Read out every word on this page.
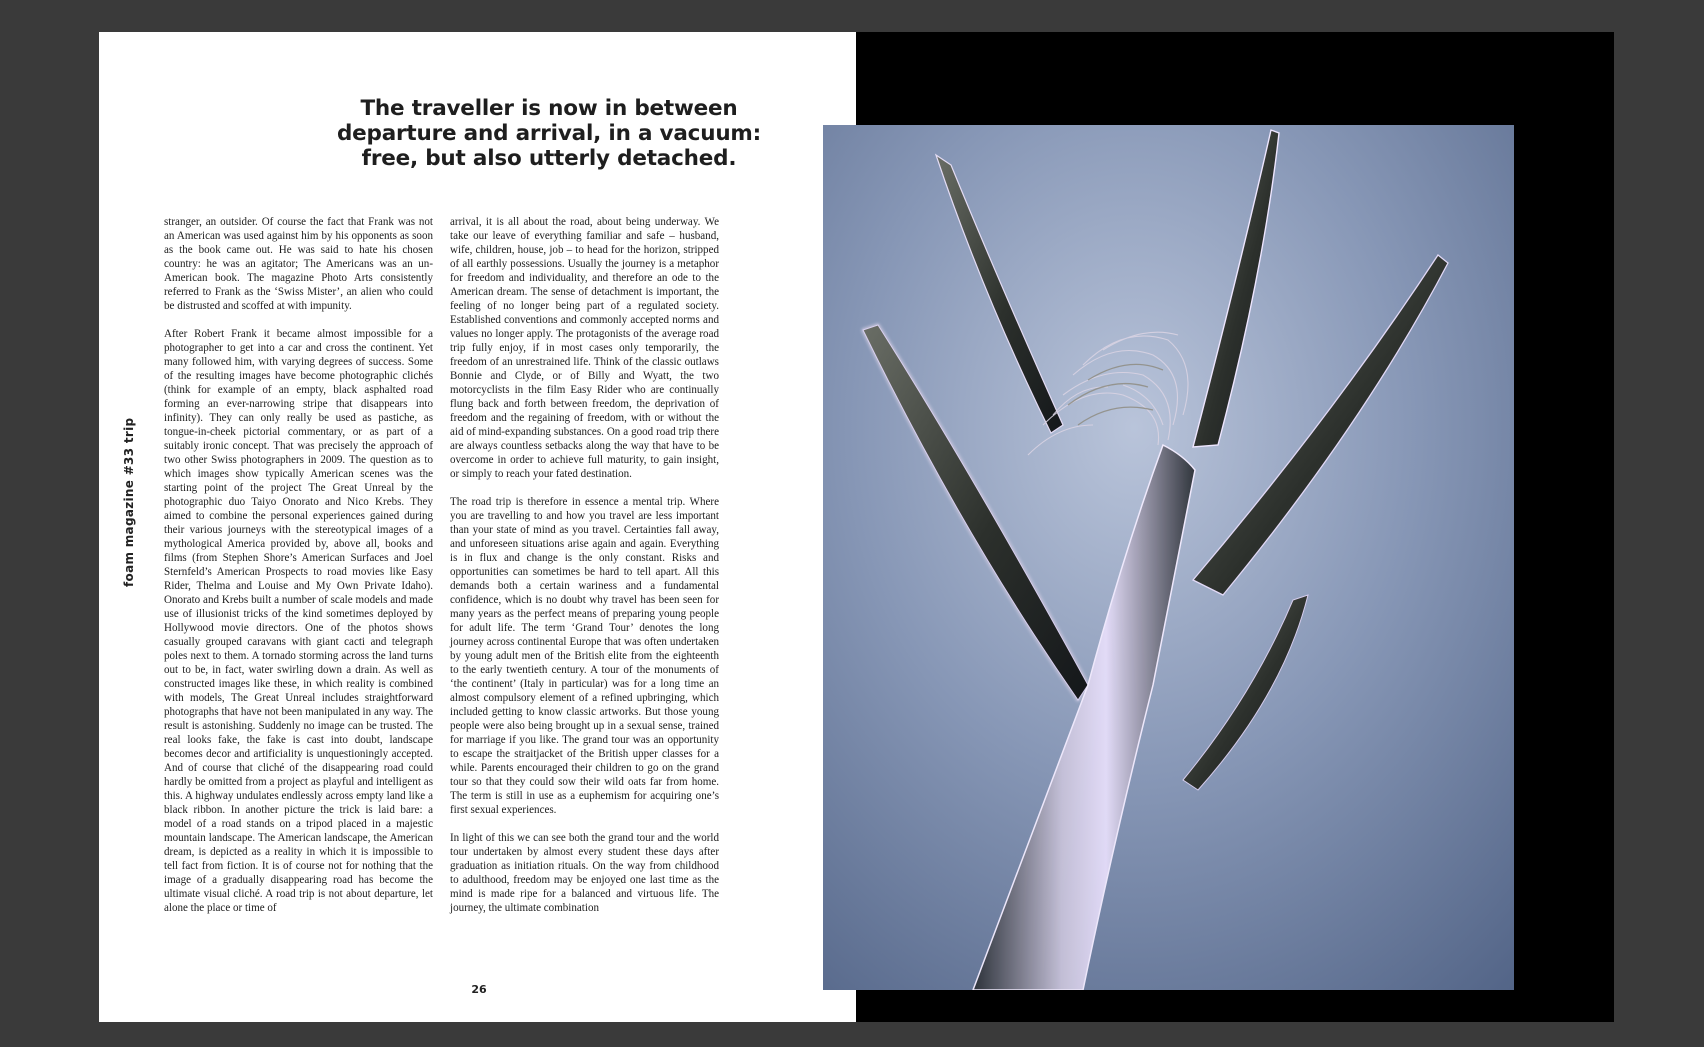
The traveller is now in between departure and arrival, in a vacuum: free, but also utterly detached.
foam magazine #33 trip

stranger, an outsider. Of course the fact that Frank was not an American was used against him by his opponents as soon as the book came out. He was said to hate his chosen country: he was an agitator; The Americans was an un-American book. The magazine Photo Arts consistently referred to Frank as the ‘Swiss Mister’, an alien who could be distrusted and scoffed at with impunity.

After Robert Frank it became almost impossible for a photographer to get into a car and cross the continent. Yet many followed him, with varying degrees of success. Some of the resulting images have become photographic clichés (think for example of an empty, black asphalted road forming an ever-narrowing stripe that disappears into infinity). They can only really be used as pastiche, as tongue-in-cheek pictorial commentary, or as part of a suitably ironic concept. That was precisely the approach of two other Swiss photographers in 2009. The question as to which images show typically American scenes was the starting point of the project The Great Unreal by the photographic duo Taiyo Onorato and Nico Krebs. They aimed to combine the personal experiences gained during their various journeys with the stereotypical images of a mythological America provided by, above all, books and films (from Stephen Shore’s American Surfaces and Joel Sternfeld’s American Prospects to road movies like Easy Rider, Thelma and Louise and My Own Private Idaho). Onorato and Krebs built a number of scale models and made use of illusionist tricks of the kind sometimes deployed by Hollywood movie directors. One of the photos shows casually grouped caravans with giant cacti and telegraph poles next to them. A tornado storming across the land turns out to be, in fact, water swirling down a drain. As well as constructed images like these, in which reality is combined with models, The Great Unreal includes straightforward photographs that have not been manipulated in any way. The result is astonishing. Suddenly no image can be trusted. The real looks fake, the fake is cast into doubt, landscape becomes decor and artificiality is unquestioningly accepted. And of course that cliché of the disappearing road could hardly be omitted from a project as playful and intelligent as this. A highway undulates endlessly across empty land like a black ribbon. In another picture the trick is laid bare: a model of a road stands on a tripod placed in a majestic mountain landscape. The American landscape, the American dream, is depicted as a reality in which it is impossible to tell fact from fiction. It is of course not for nothing that the image of a gradually disappearing road has become the ultimate visual cliché. A road trip is not about departure, let alone the place or time of

arrival, it is all about the road, about being underway. We take our leave of everything familiar and safe – husband, wife, children, house, job – to head for the horizon, stripped of all earthly possessions. Usually the journey is a metaphor for freedom and individuality, and therefore an ode to the American dream. The sense of detachment is important, the feeling of no longer being part of a regulated society. Established conventions and commonly accepted norms and values no longer apply. The protagonists of the average road trip fully enjoy, if in most cases only temporarily, the freedom of an unrestrained life. Think of the classic outlaws Bonnie and Clyde, or of Billy and Wyatt, the two motorcyclists in the film Easy Rider who are continually flung back and forth between freedom, the deprivation of freedom and the regaining of freedom, with or without the aid of mind-expanding substances. On a good road trip there are always countless setbacks along the way that have to be overcome in order to achieve full maturity, to gain insight, or simply to reach your fated destination.

The road trip is therefore in essence a mental trip. Where you are travelling to and how you travel are less important than your state of mind as you travel. Certainties fall away, and unforeseen situations arise again and again. Everything is in flux and change is the only constant. Risks and opportunities can sometimes be hard to tell apart. All this demands both a certain wariness and a fundamental confidence, which is no doubt why travel has been seen for many years as the perfect means of preparing young people for adult life. The term ‘Grand Tour’ denotes the long journey across continental Europe that was often undertaken by young adult men of the British elite from the eighteenth to the early twentieth century. A tour of the monuments of ‘the continent’ (Italy in particular) was for a long time an almost compulsory element of a refined upbringing, which included getting to know classic artworks. But those young people were also being brought up in a sexual sense, trained for marriage if you like. The grand tour was an opportunity to escape the straitjacket of the British upper classes for a while. Parents encouraged their children to go on the grand tour so that they could sow their wild oats far from home. The term is still in use as a euphemism for acquiring one’s first sexual experiences.

In light of this we can see both the grand tour and the world tour undertaken by almost every student these days after graduation as initiation rituals. On the way from childhood to adulthood, freedom may be enjoyed one last time as the mind is made ripe for a balanced and virtuous life. The journey, the ultimate combination

26
